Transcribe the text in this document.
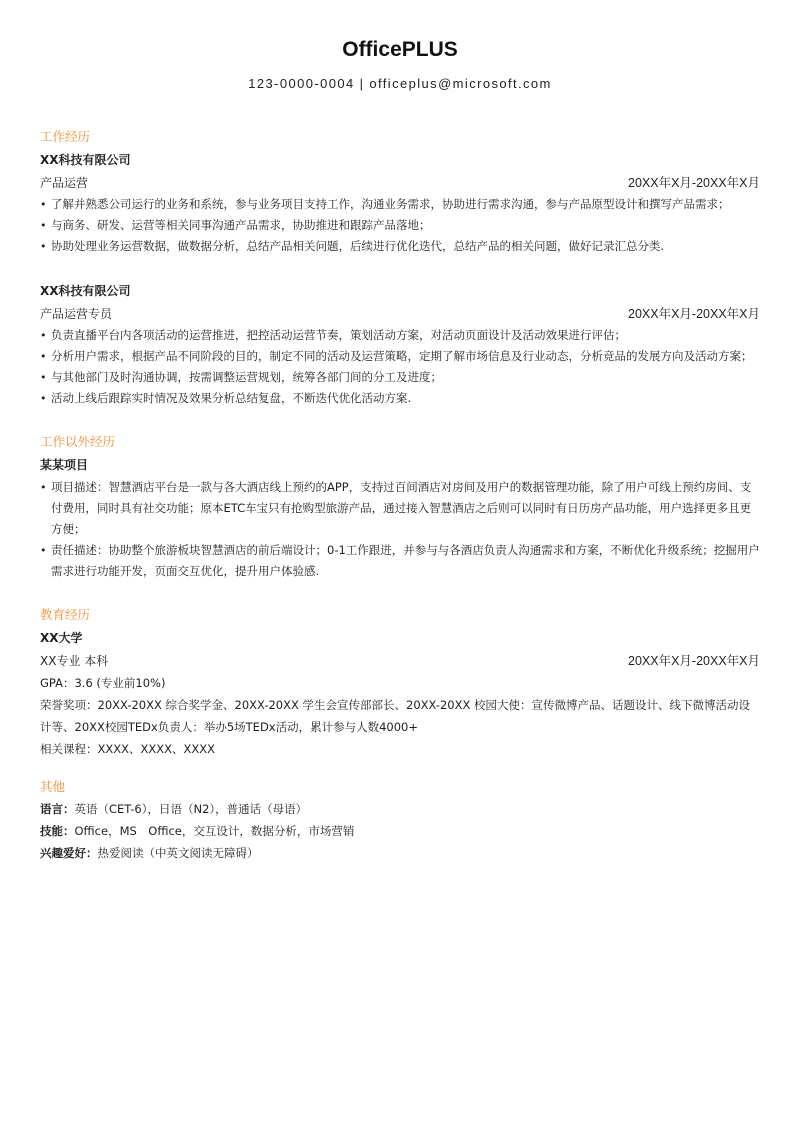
OfficePLUS
123-0000-0004 | officeplus@microsoft.com
工作经历
XX科技有限公司
产品运营	20XX年X月-20XX年X月
• 了解并熟悉公司运行的业务和系统，参与业务项目支持工作，沟通业务需求，协助进行需求沟通，参与产品原型设计和撰写产品需求；
• 与商务、研发、运营等相关同事沟通产品需求，协助推进和跟踪产品落地；
• 协助处理业务运营数据，做数据分析，总结产品相关问题，后续进行优化迭代，总结产品的相关问题，做好记录汇总分类.
XX科技有限公司
产品运营专员	20XX年X月-20XX年X月
• 负责直播平台内各项活动的运营推进，把控活动运营节奏，策划活动方案，对活动页面设计及活动效果进行评估；
• 分析用户需求，根据产品不同阶段的目的，制定不同的活动及运营策略，定期了解市场信息及行业动态，分析竞品的发展方向及活动方案；
• 与其他部门及时沟通协调，按需调整运营规划，统筹各部门间的分工及进度；
• 活动上线后跟踪实时情况及效果分析总结复盘，不断迭代优化活动方案.
工作以外经历
某某项目
• 项目描述：智慧酒店平台是一款与各大酒店线上预约的APP，支持过百间酒店对房间及用户的数据管理功能，除了用户可线上预约房间、支付费用，同时具有社交功能；原本ETC车宝只有抢购型旅游产品，通过接入智慧酒店之后则可以同时有日历房产品功能，用户选择更多且更方便；
• 责任描述：协助整个旅游板块智慧酒店的前后端设计；0-1工作跟进，并参与与各酒店负责人沟通需求和方案，不断优化升级系统；挖掘用户需求进行功能开发，页面交互优化，提升用户体验感.
教育经历
XX大学
XX专业 本科	20XX年X月-20XX年X月
GPA：3.6 (专业前10%)
荣誉奖项：20XX-20XX 综合奖学金、20XX-20XX 学生会宣传部部长、20XX-20XX 校园大使：宣传微博产品、话题设计、线下微博活动设计等、20XX校园TEDx负责人：举办5场TEDx活动，累计参与人数4000+
相关课程：XXXX、XXXX、XXXX
其他
语言：英语（CET-6），日语（N2），普通话（母语）
技能：Office，MS　Office，交互设计，数据分析，市场营销
兴趣爱好：热爱阅读（中英文阅读无障碍）
